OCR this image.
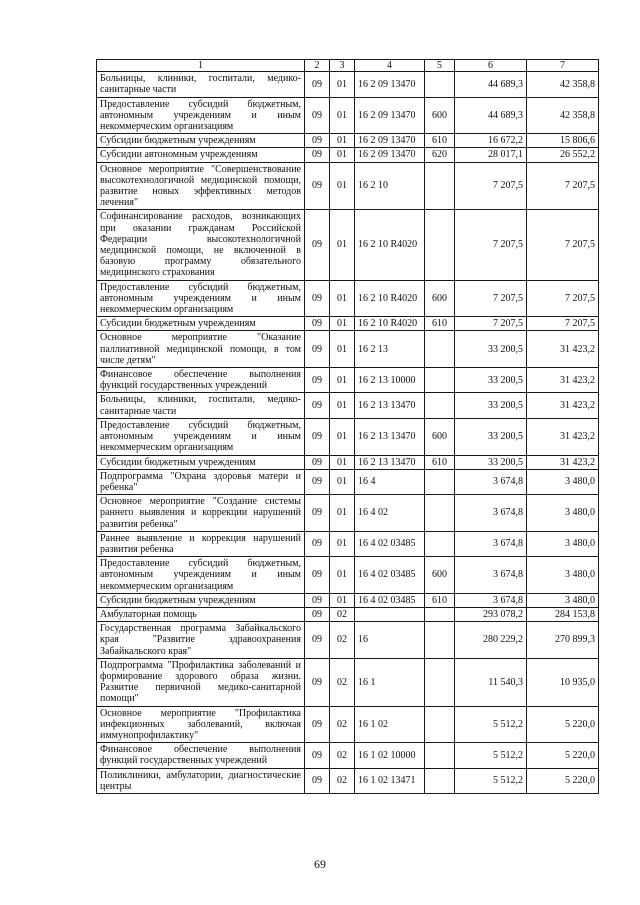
1	2	3	4	5	6	7
Больницы, клиники, госпитали, медико-санитарные части	09	01	16 2 09 13470		44 689,3	42 358,8
Предоставление субсидий бюджетным, автономным учреждениям и иным некоммерческим организациям	09	01	16 2 09 13470	600	44 689,3	42 358,8
Субсидии бюджетным учреждениям	09	01	16 2 09 13470	610	16 672,2	15 806,6
Субсидии автономным учреждениям	09	01	16 2 09 13470	620	28 017,1	26 552,2
Основное мероприятие "Совершенствование высокотехнологичной медицинской помощи, развитие новых эффективных методов лечения"	09	01	16 2 10		7 207,5	7 207,5
Софинансирование расходов, возникающих при оказании гражданам Российской Федерации высокотехнологичной медицинской помощи, не включенной в базовую программу обязательного медицинского страхования	09	01	16 2 10 R4020		7 207,5	7 207,5
Предоставление субсидий бюджетным, автономным учреждениям и иным некоммерческим организациям	09	01	16 2 10 R4020	600	7 207,5	7 207,5
Субсидии бюджетным учреждениям	09	01	16 2 10 R4020	610	7 207,5	7 207,5
Основное мероприятие "Оказание паллиативной медицинской помощи, в том числе детям"	09	01	16 2 13		33 200,5	31 423,2
Финансовое обеспечение выполнения функций государственных учреждений	09	01	16 2 13 10000		33 200,5	31 423,2
Больницы, клиники, госпитали, медико-санитарные части	09	01	16 2 13 13470		33 200,5	31 423,2
Предоставление субсидий бюджетным, автономным учреждениям и иным некоммерческим организациям	09	01	16 2 13 13470	600	33 200,5	31 423,2
Субсидии бюджетным учреждениям	09	01	16 2 13 13470	610	33 200,5	31 423,2
Подпрограмма "Охрана здоровья матери и ребенка"	09	01	16 4		3 674,8	3 480,0
Основное мероприятие "Создание системы раннего выявления и коррекции нарушений развития ребенка"	09	01	16 4 02		3 674,8	3 480,0
Раннее выявление и коррекция нарушений развития ребенка	09	01	16 4 02 03485		3 674,8	3 480,0
Предоставление субсидий бюджетным, автономным учреждениям и иным некоммерческим организациям	09	01	16 4 02 03485	600	3 674,8	3 480,0
Субсидии бюджетным учреждениям	09	01	16 4 02 03485	610	3 674,8	3 480,0
Амбулаторная помощь	09	02			293 078,2	284 153,8
Государственная программа Забайкальского края "Развитие здравоохранения Забайкальского края"	09	02	16		280 229,2	270 899,3
Подпрограмма "Профилактика заболеваний и формирование здорового образа жизни. Развитие первичной медико-санитарной помощи"	09	02	16 1		11 540,3	10 935,0
Основное мероприятие "Профилактика инфекционных заболеваний, включая иммунопрофилактику"	09	02	16 1 02		5 512,2	5 220,0
Финансовое обеспечение выполнения функций государственных учреждений	09	02	16 1 02 10000		5 512,2	5 220,0
Поликлиники, амбулатории, диагностические центры	09	02	16 1 02 13471		5 512,2	5 220,0
69
